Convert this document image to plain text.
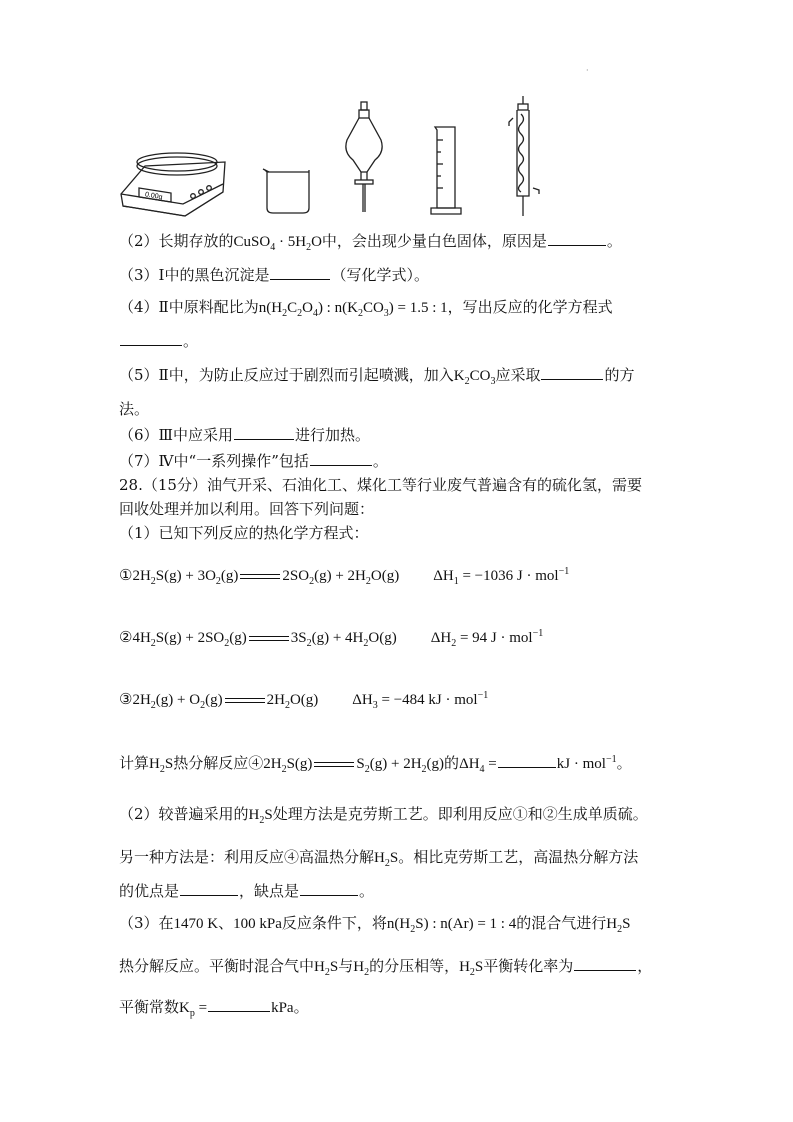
·
0.00g
（2）长期存放的CuSO$_4$ · $5H_2O$中，会出现少量白色固体，原因是	。
（3）Ⅰ中的黑色沉淀是	（写化学式）。
（4）Ⅱ中原料配比为$n(H_2C_2O_4)$ : $n(K_2CO_3) = 1.5$ : 1，写出反应的化学方程式
。
（5）Ⅱ中，为防止反应过于剧烈而引起喷溅，加入$K_2CO_3$应采取	的方
法。
（6）Ⅲ中应采用	进行加热。
（7）Ⅳ中“一系列操作”包括	。
28.（15分）油气开采、石油化工、煤化工等行业废气普遍含有的硫化氢，需要
回收处理并加以利用。回答下列问题：
（1）已知下列反应的热化学方程式：
$①2H_2S(g) + 3O_2(g)$	$2SO_2(g) + 2H_2O(g) \Delta H_1 = -1036$ J · mol$^{-1}$
$②4H_2S(g) + 2SO_2(g)$	$3S_2(g) + 4H_2O(g) \Delta H_2 = 94$ J · mol$^{-1}$
$③2H_2(g) + O_2(g)$	$2H_2O(g) \Delta H_3 = -484$ kJ · mol$^{-1}$
计算$H_2S$热分解反应$④2H_2S(g)$	$S_2(g) + 2H_2(g)$的$\Delta H_4$ =	kJ · mol$^{-1}$。
（2）较普遍采用的$H_2S$处理方法是克劳斯工艺。即利用反应①和②生成单质硫。
另一种方法是：利用反应④高温热分解$H_2S$。相比克劳斯工艺，高温热分解方法
的优点是	，缺点是	。
（3）在1470 K、100 kPa反应条件下，将$n(H_2S)$ : n(Ar) = 1 : 4的混合气进行$H_2S$
热分解反应。平衡时混合气中$H_2S$与$H_2$的分压相等，$H_2S$平衡转化率为	，
平衡常数$K_p$ =	kPa。
